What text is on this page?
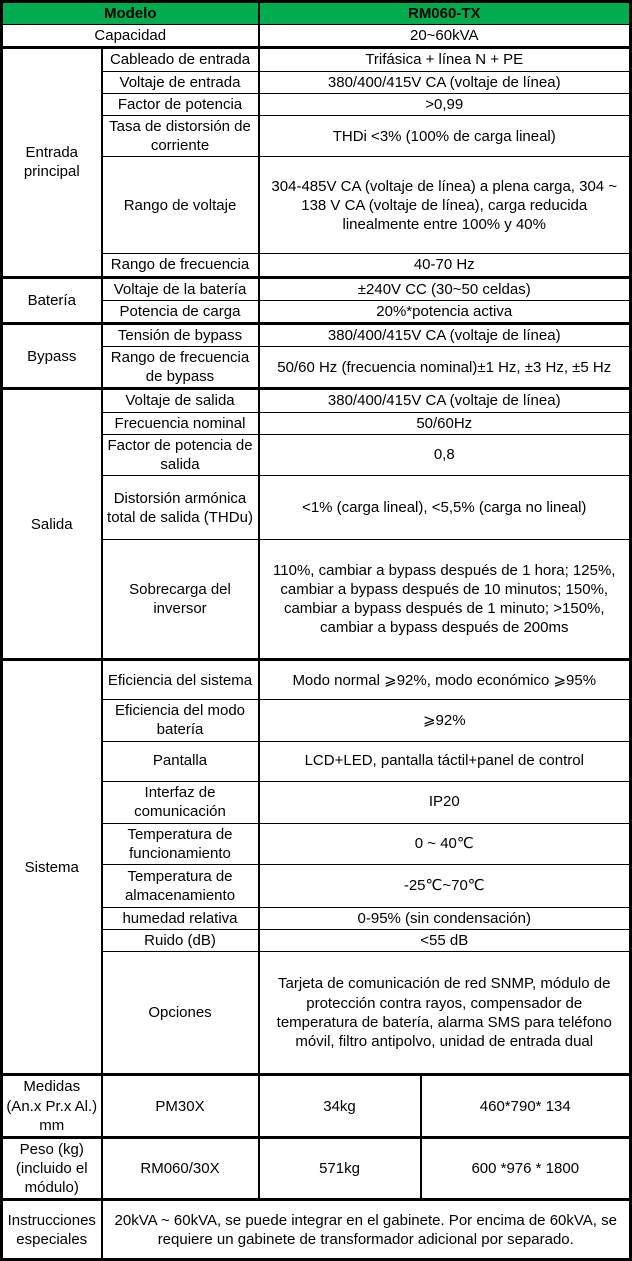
Modelo		RM060-TX	
Capacidad		20~60kVA	
Entrada principal	Cableado de entrada	Trifásica + línea N + PE	
	Voltaje de entrada	380/400/415V CA (voltaje de línea)	
	Factor de potencia	>0,99	
	Tasa de distorsión de corriente	THDi <3% (100% de carga lineal)	
	Rango de voltaje	304-485V CA (voltaje de línea) a plena carga, 304 ~ 138 V CA (voltaje de línea), carga reducida linealmente entre 100% y 40%	
	Rango de frecuencia	40-70 Hz	
Batería	Voltaje de la batería	±240V CC (30~50 celdas)	
	Potencia de carga	20%*potencia activa	
Bypass	Tensión de bypass	380/400/415V CA (voltaje de línea)	
	Rango de frecuencia de bypass	50/60 Hz (frecuencia nominal)±1 Hz, ±3 Hz, ±5 Hz	
Salida	Voltaje de salida	380/400/415V CA (voltaje de línea)	
	Frecuencia nominal	50/60Hz	
	Factor de potencia de salida	0,8	
	Distorsión armónica total de salida (THDu)	<1% (carga lineal), <5,5% (carga no lineal)	
	Sobrecarga del inversor	110%, cambiar a bypass después de 1 hora; 125%, cambiar a bypass después de 10 minutos; 150%, cambiar a bypass después de 1 minuto; >150%, cambiar a bypass después de 200ms	
Sistema	Eficiencia del sistema	Modo normal ⩾92%, modo económico ⩾95%	
	Eficiencia del modo batería	⩾92%	
	Pantalla	LCD+LED, pantalla táctil+panel de control	
	Interfaz de comunicación	IP20	
	Temperatura de funcionamiento	0 ~ 40℃	
	Temperatura de almacenamiento	-25℃~70℃	
	humedad relativa	0-95% (sin condensación)	
	Ruido (dB)	<55 dB	
	Opciones	Tarjeta de comunicación de red SNMP, módulo de protección contra rayos, compensador de temperatura de batería, alarma SMS para teléfono móvil, filtro antipolvo, unidad de entrada dual	
Medidas (An.x Pr.x Al.) mm	PM30X	34kg	460*790* 134
Peso (kg) (incluido el módulo)	RM060/30X	571kg	600 *976 * 1800
Instrucciones especiales	20kVA ~ 60kVA, se puede integrar en el gabinete. Por encima de 60kVA, se requiere un gabinete de transformador adicional por separado.		
